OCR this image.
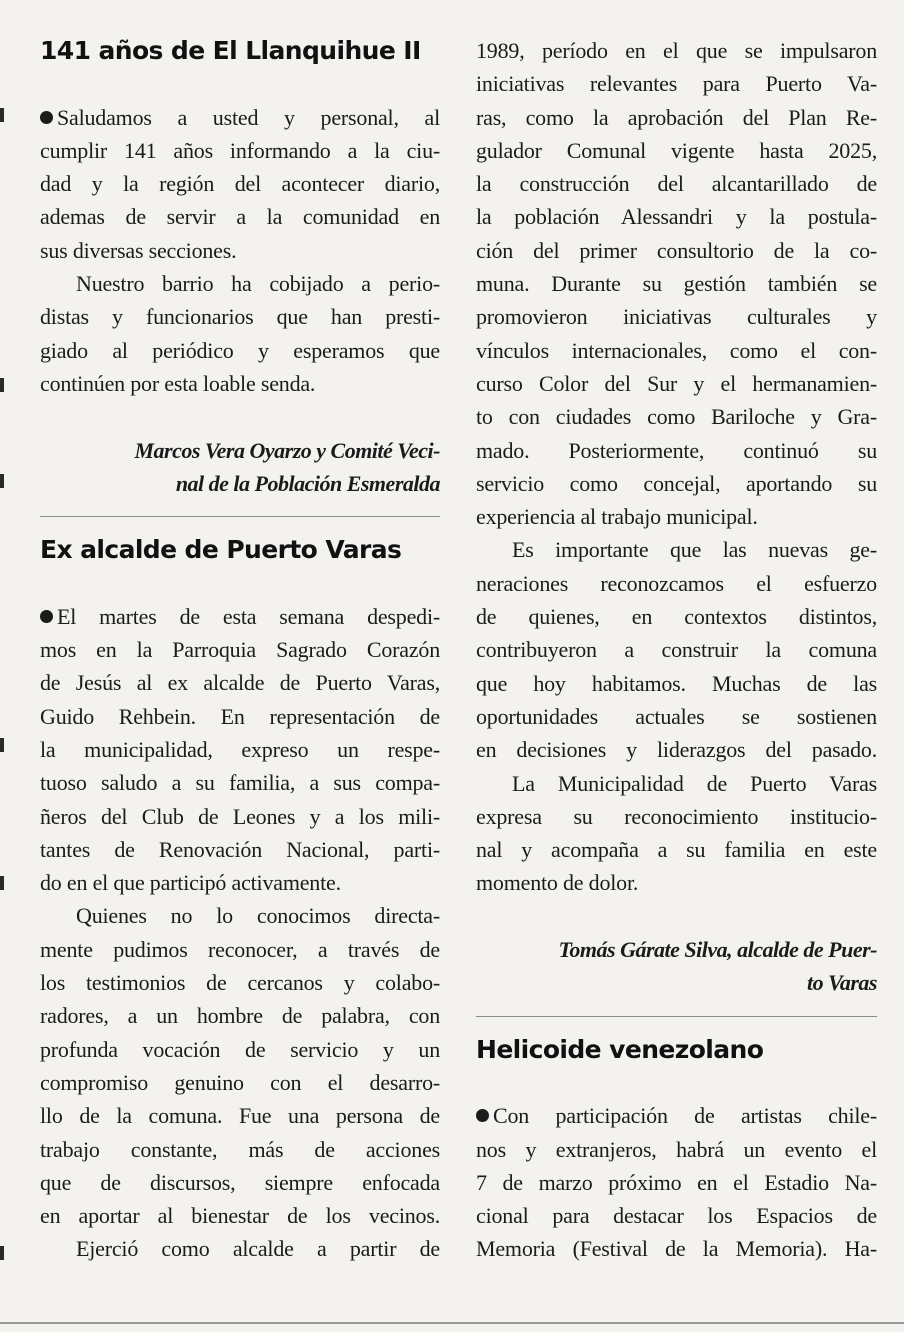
141 años de El Llanquihue II
Saludamos a usted y personal, al
cumplir 141 años informando a la ciu-
dad y la región del acontecer diario,
ademas de servir a la comunidad en
sus diversas secciones.
Nuestro barrio ha cobijado a perio-
distas y funcionarios que han presti-
giado al periódico y esperamos que
continúen por esta loable senda.
Marcos Vera Oyarzo y Comité Veci-
nal de la Población Esmeralda
Ex alcalde de Puerto Varas
El martes de esta semana despedi-
mos en la Parroquia Sagrado Corazón
de Jesús al ex alcalde de Puerto Varas,
Guido Rehbein. En representación de
la municipalidad, expreso un respe-
tuoso saludo a su familia, a sus compa-
ñeros del Club de Leones y a los mili-
tantes de Renovación Nacional, parti-
do en el que participó activamente.
Quienes no lo conocimos directa-
mente pudimos reconocer, a través de
los testimonios de cercanos y colabo-
radores, a un hombre de palabra, con
profunda vocación de servicio y un
compromiso genuino con el desarro-
llo de la comuna. Fue una persona de
trabajo constante, más de acciones
que de discursos, siempre enfocada
en aportar al bienestar de los vecinos.
Ejerció como alcalde a partir de
1989, período en el que se impulsaron
iniciativas relevantes para Puerto Va-
ras, como la aprobación del Plan Re-
gulador Comunal vigente hasta 2025,
la construcción del alcantarillado de
la población Alessandri y la postula-
ción del primer consultorio de la co-
muna. Durante su gestión también se
promovieron iniciativas culturales y
vínculos internacionales, como el con-
curso Color del Sur y el hermanamien-
to con ciudades como Bariloche y Gra-
mado. Posteriormente, continuó su
servicio como concejal, aportando su
experiencia al trabajo municipal.
Es importante que las nuevas ge-
neraciones reconozcamos el esfuerzo
de quienes, en contextos distintos,
contribuyeron a construir la comuna
que hoy habitamos. Muchas de las
oportunidades actuales se sostienen
en decisiones y liderazgos del pasado.
La Municipalidad de Puerto Varas
expresa su reconocimiento institucio-
nal y acompaña a su familia en este
momento de dolor.
Tomás Gárate Silva, alcalde de Puer-
to Varas
Helicoide venezolano
Con participación de artistas chile-
nos y extranjeros, habrá un evento el
7 de marzo próximo en el Estadio Na-
cional para destacar los Espacios de
Memoria (Festival de la Memoria). Ha-
